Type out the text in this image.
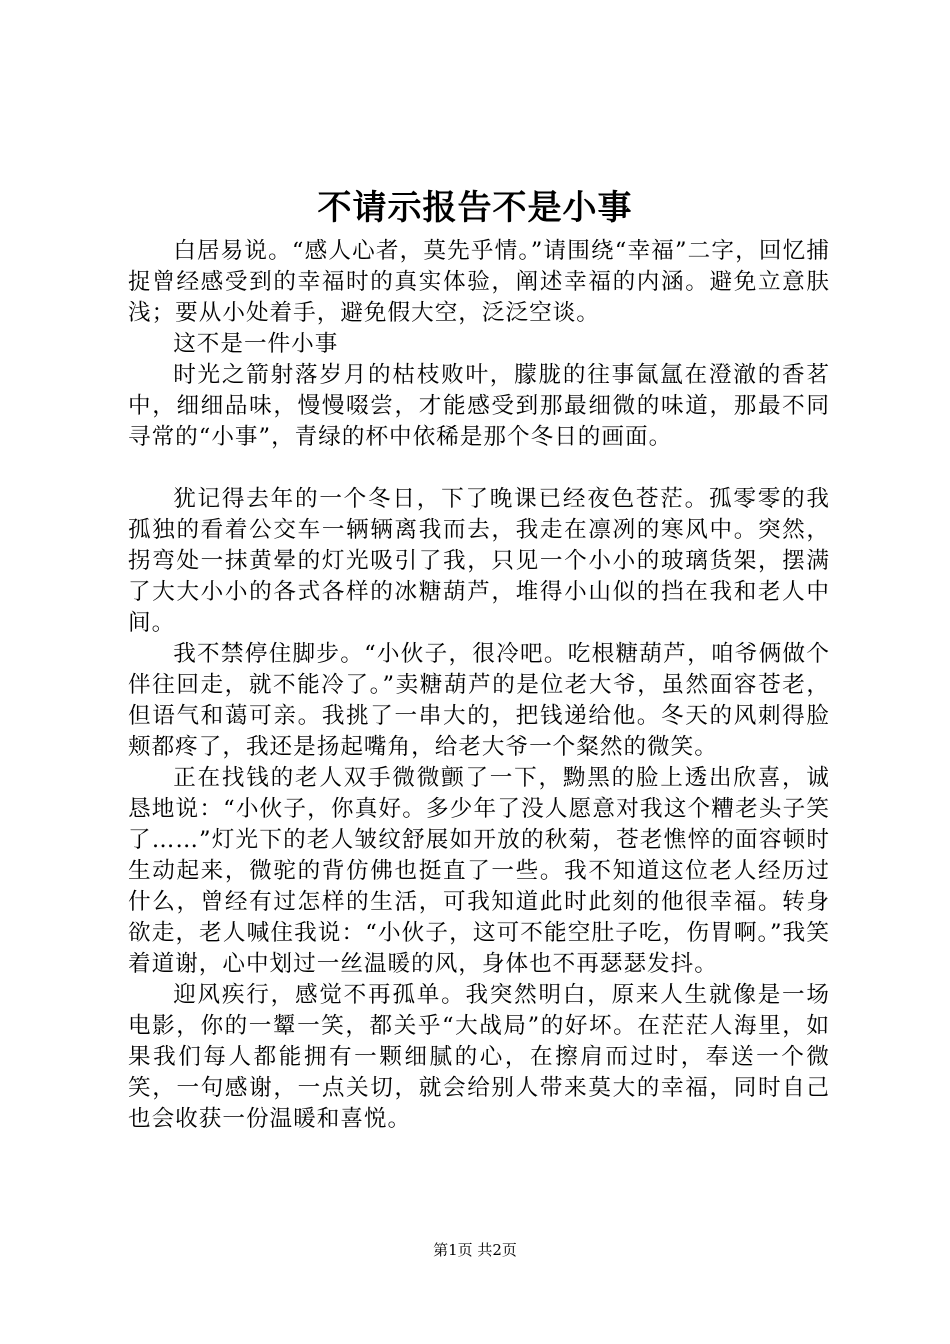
不请示报告不是小事

白居易说。“感人心者，莫先乎情。”请围绕“幸福”二字，回忆捕捉曾经感受到的幸福时的真实体验，阐述幸福的内涵。避免立意肤浅；要从小处着手，避免假大空，泛泛空谈。

这不是一件小事

时光之箭射落岁月的枯枝败叶，朦胧的往事氤氲在澄澈的香茗中，细细品味，慢慢啜尝，才能感受到那最细微的味道，那最不同寻常的“小事”，青绿的杯中依稀是那个冬日的画面。

犹记得去年的一个冬日，下了晚课已经夜色苍茫。孤零零的我孤独的看着公交车一辆辆离我而去，我走在凛冽的寒风中。突然，拐弯处一抹黄晕的灯光吸引了我，只见一个小小的玻璃货架，摆满了大大小小的各式各样的冰糖葫芦，堆得小山似的挡在我和老人中间。

我不禁停住脚步。“小伙子，很冷吧。吃根糖葫芦，咱爷俩做个伴往回走，就不能冷了。”卖糖葫芦的是位老大爷，虽然面容苍老，但语气和蔼可亲。我挑了一串大的，把钱递给他。冬天的风刺得脸颊都疼了，我还是扬起嘴角，给老大爷一个粲然的微笑。

正在找钱的老人双手微微颤了一下，黝黑的脸上透出欣喜，诚恳地说：“小伙子，你真好。多少年了没人愿意对我这个糟老头子笑了……”灯光下的老人皱纹舒展如开放的秋菊，苍老憔悴的面容顿时生动起来，微驼的背仿佛也挺直了一些。我不知道这位老人经历过什么，曾经有过怎样的生活，可我知道此时此刻的他很幸福。转身欲走，老人喊住我说：“小伙子，这可不能空肚子吃，伤胃啊。”我笑着道谢，心中划过一丝温暖的风，身体也不再瑟瑟发抖。

迎风疾行，感觉不再孤单。我突然明白，原来人生就像是一场电影，你的一颦一笑，都关乎“大战局”的好坏。在茫茫人海里，如果我们每人都能拥有一颗细腻的心，在擦肩而过时，奉送一个微笑，一句感谢，一点关切，就会给别人带来莫大的幸福，同时自己也会收获一份温暖和喜悦。

第1页 共2页
